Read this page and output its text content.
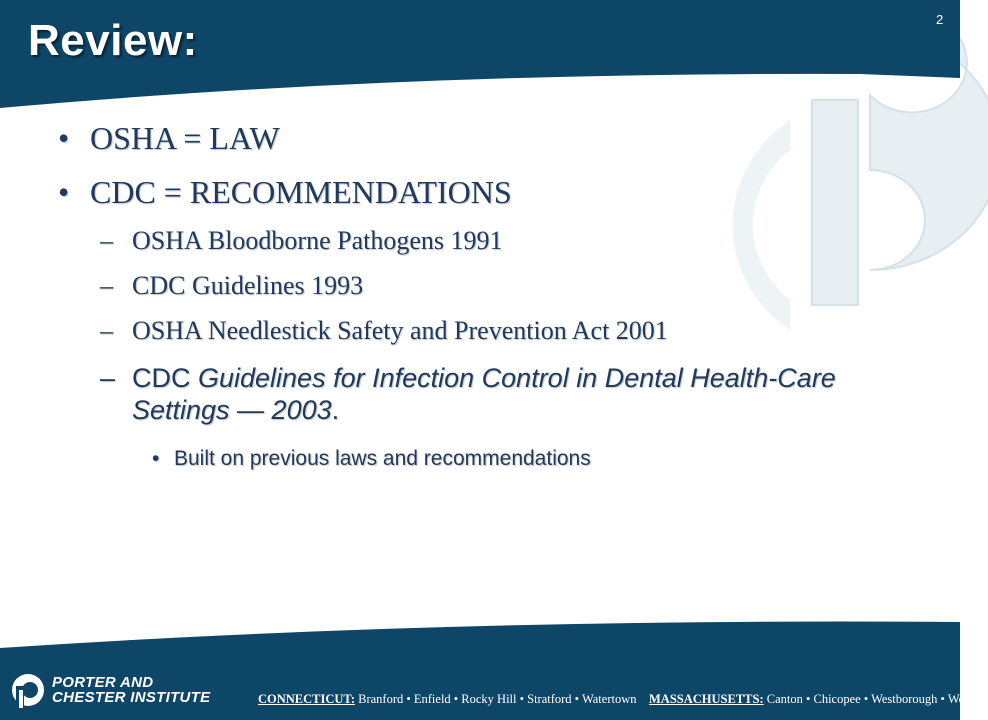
Review:	2
• OSHA = LAW
• CDC = RECOMMENDATIONS
– OSHA Bloodborne Pathogens 1991
– CDC Guidelines 1993
– OSHA Needlestick Safety and Prevention Act 2001
– CDC Guidelines for Infection Control in Dental Health-Care Settings — 2003.
• Built on previous laws and recommendations
PORTER AND
CHESTER INSTITUTE	CONNECTICUT: Branford • Enfield • Rocky Hill • Stratford • Watertown MASSACHUSETTS: Canton • Chicopee • Westborough • Woburn
